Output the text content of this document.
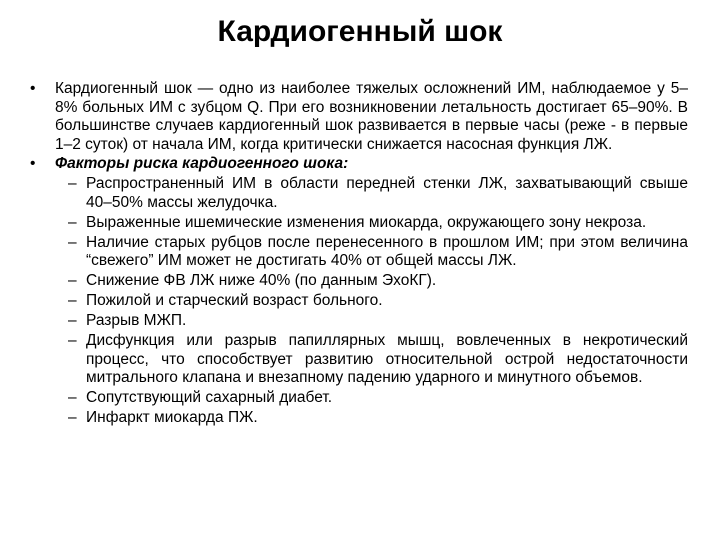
Кардиогенный шок
•	Кардиогенный шок — одно из наиболее тяжелых осложнений ИМ, наблюдаемое у 5–8% больных ИМ с зубцом Q. При его возникновении летальность достигает 65–90%. В большинстве случаев кардиогенный шок развивается в первые часы (реже - в первые 1–2 суток) от начала ИМ, когда критически снижается насосная функция ЛЖ.
•	Факторы риска кардиогенного шока:
– Распространенный ИМ в области передней стенки ЛЖ, захватывающий свыше 40–50% массы желудочка.
– Выраженные ишемические изменения миокарда, окружающего зону некроза.
– Наличие старых рубцов после перенесенного в прошлом ИМ; при этом величина “свежего” ИМ может не достигать 40% от общей массы ЛЖ.
– Снижение ФВ ЛЖ ниже 40% (по данным ЭхоКГ).
– Пожилой и старческий возраст больного.
– Разрыв МЖП.
– Дисфункция или разрыв папиллярных мышц, вовлеченных в некротический процесс, что способствует развитию относительной острой недостаточности митрального клапана и внезапному падению ударного и минутного объемов.
– Сопутствующий сахарный диабет.
– Инфаркт миокарда ПЖ.
